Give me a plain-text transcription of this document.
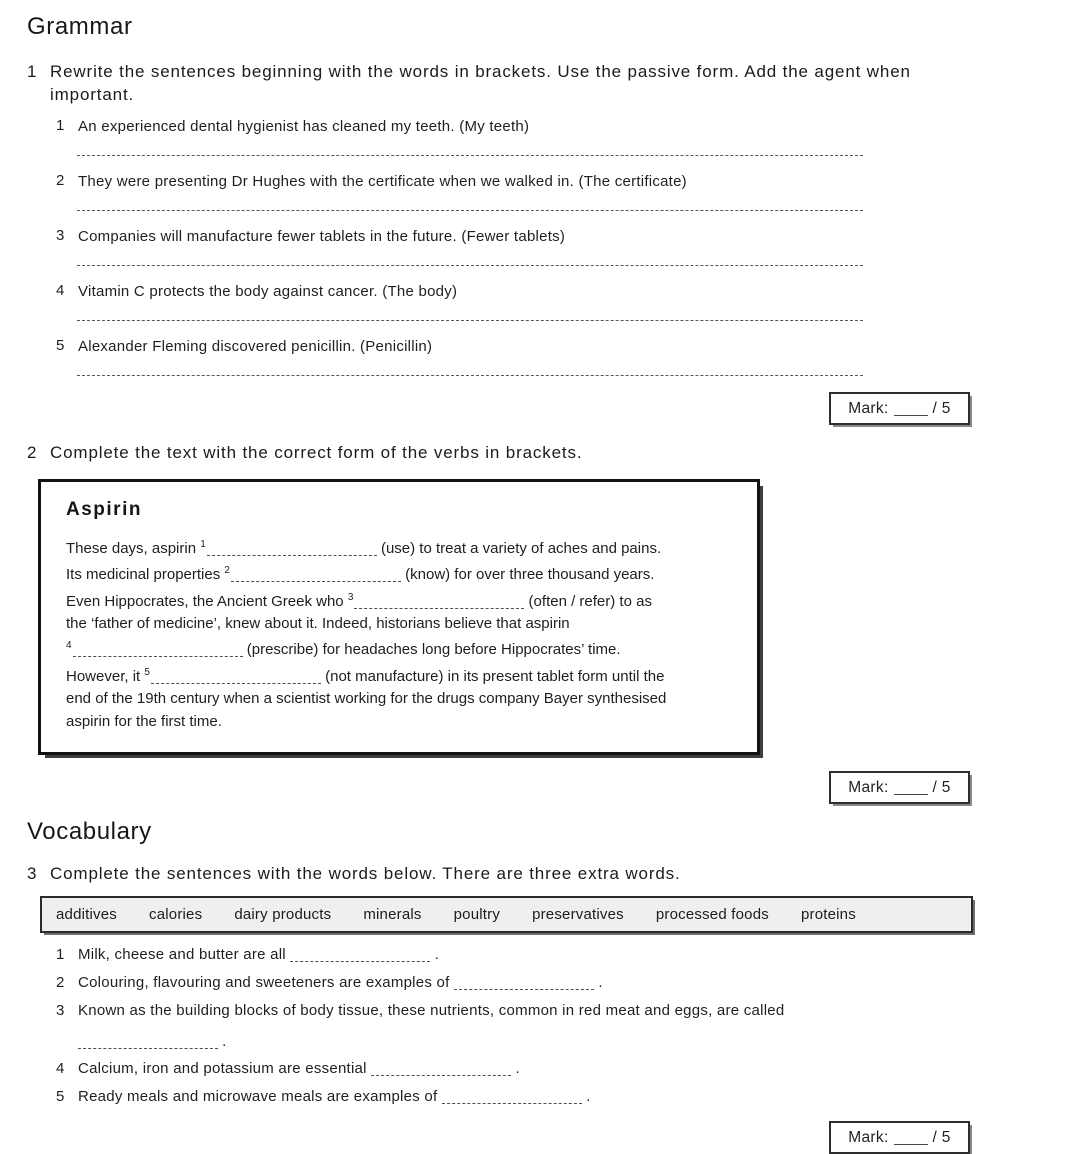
Grammar
1 Rewrite the sentences beginning with the words in brackets. Use the passive form. Add the agent when important.
1 An experienced dental hygienist has cleaned my teeth. (My teeth)
2 They were presenting Dr Hughes with the certificate when we walked in. (The certificate)
3 Companies will manufacture fewer tablets in the future. (Fewer tablets)
4 Vitamin C protects the body against cancer. (The body)
5 Alexander Fleming discovered penicillin. (Penicillin)
Mark:	/ 5
2 Complete the text with the correct form of the verbs in brackets.
Aspirin
These days, aspirin $^1$	(use) to treat a variety of aches and pains.
Its medicinal properties $^2$	(know) for over three thousand years.
Even Hippocrates, the Ancient Greek who $^3$	(often / refer) to as
the ‘father of medicine’, knew about it. Indeed, historians believe that aspirin
$^4$	(prescribe) for headaches long before Hippocrates’ time.
However, it $^5$	(not manufacture) in its present tablet form until the
end of the 19th century when a scientist working for the drugs company Bayer synthesised
aspirin for the first time.
Mark:	/ 5
Vocabulary
3 Complete the sentences with the words below. There are three extra words.
additives calories dairy products minerals poultry preservatives processed foods proteins
1 Milk, cheese and butter are all	.
2 Colouring, flavouring and sweeteners are examples of	.
3 Known as the building blocks of body tissue, these nutrients, common in red meat and eggs, are called
.
4 Calcium, iron and potassium are essential	.
5 Ready meals and microwave meals are examples of	.
Mark:	/ 5
